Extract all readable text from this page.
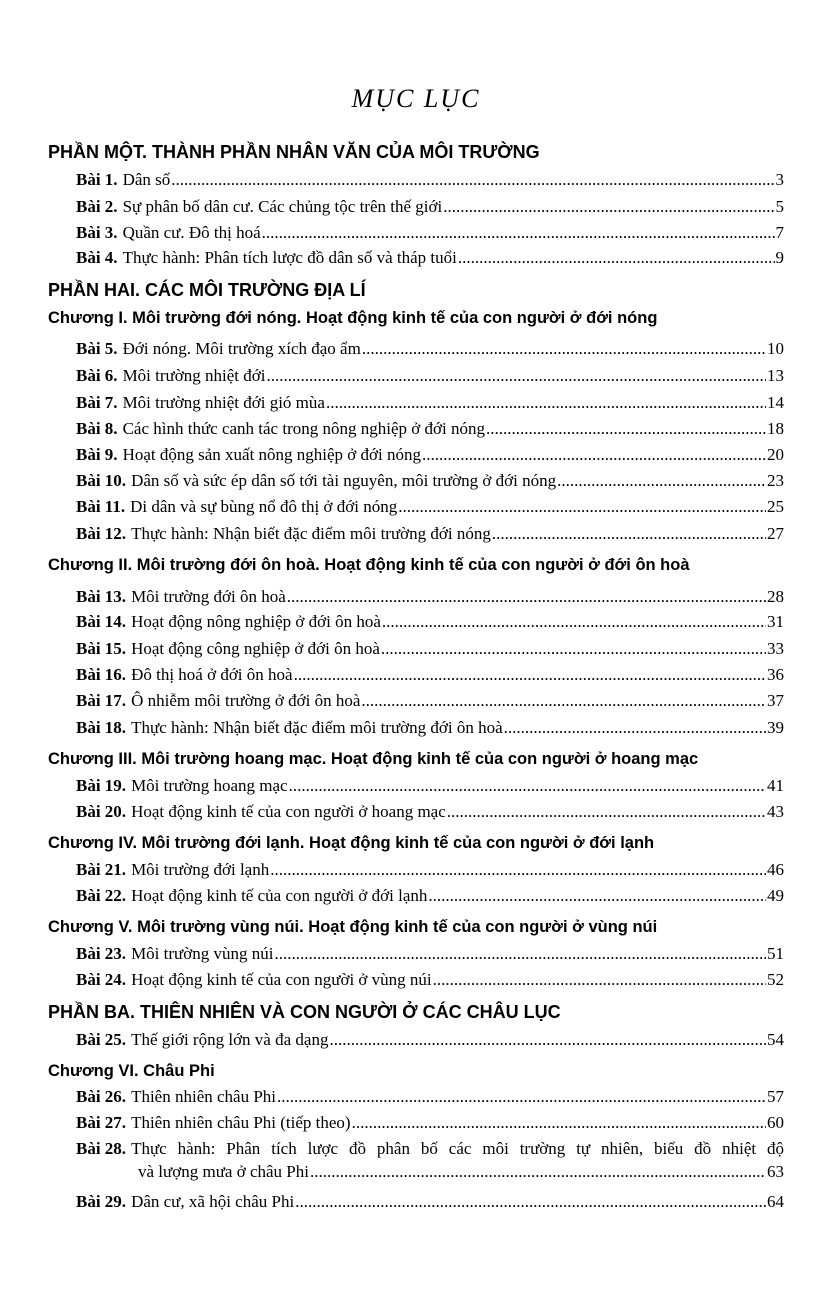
MỤC LỤC
PHẦN MỘT. THÀNH PHẦN NHÂN VĂN CỦA MÔI TRƯỜNG
Bài 1. Dân số .....	3
Bài 2. Sự phân bố dân cư. Các chủng tộc trên thế giới .....	5
Bài 3. Quần cư. Đô thị hoá .....	7
Bài 4. Thực hành: Phân tích lược đồ dân số và tháp tuổi .....	9
PHẦN HAI. CÁC MÔI TRƯỜNG ĐỊA LÍ
Chương I. Môi trường đới nóng. Hoạt động kinh tế của con người ở đới nóng
Bài 5. Đới nóng. Môi trường xích đạo ẩm .....	10
Bài 6. Môi trường nhiệt đới .....	13
Bài 7. Môi trường nhiệt đới gió mùa .....	14
Bài 8. Các hình thức canh tác trong nông nghiệp ở đới nóng .....	18
Bài 9. Hoạt động sản xuất nông nghiệp ở đới nóng .....	20
Bài 10. Dân số và sức ép dân số tới tài nguyên, môi trường ở đới nóng .....	23
Bài 11. Di dân và sự bùng nổ đô thị ở đới nóng .....	25
Bài 12. Thực hành: Nhận biết đặc điểm môi trường đới nóng .....	27
Chương II. Môi trường đới ôn hoà. Hoạt động kinh tế của con người ở đới ôn hoà
Bài 13. Môi trường đới ôn hoà .....	28
Bài 14. Hoạt động nông nghiệp ở đới ôn hoà .....	31
Bài 15. Hoạt động công nghiệp ở đới ôn hoà .....	33
Bài 16. Đô thị hoá ở đới ôn hoà .....	36
Bài 17. Ô nhiễm môi trường ở đới ôn hoà .....	37
Bài 18. Thực hành: Nhận biết đặc điểm môi trường đới ôn hoà .....	39
Chương III. Môi trường hoang mạc. Hoạt động kinh tế của con người ở hoang mạc
Bài 19. Môi trường hoang mạc .....	41
Bài 20. Hoạt động kinh tế của con người ở hoang mạc .....	43
Chương IV. Môi trường đới lạnh. Hoạt động kinh tế của con người ở đới lạnh
Bài 21. Môi trường đới lạnh .....	46
Bài 22. Hoạt động kinh tế của con người ở đới lạnh .....	49
Chương V. Môi trường vùng núi. Hoạt động kinh tế của con người ở vùng núi
Bài 23. Môi trường vùng núi .....	51
Bài 24. Hoạt động kinh tế của con người ở vùng núi .....	52
PHẦN BA. THIÊN NHIÊN VÀ CON NGƯỜI Ở CÁC CHÂU LỤC
Bài 25. Thế giới rộng lớn và đa dạng .....	54
Chương VI. Châu Phi
Bài 26. Thiên nhiên châu Phi .....	57
Bài 27. Thiên nhiên châu Phi (tiếp theo) .....	60
Bài 28. Thực hành: Phân tích lược đồ phân bố các môi trường tự nhiên, biểu đồ nhiệt độ
và lượng mưa ở châu Phi .....	63
Bài 29. Dân cư, xã hội châu Phi .....	64
